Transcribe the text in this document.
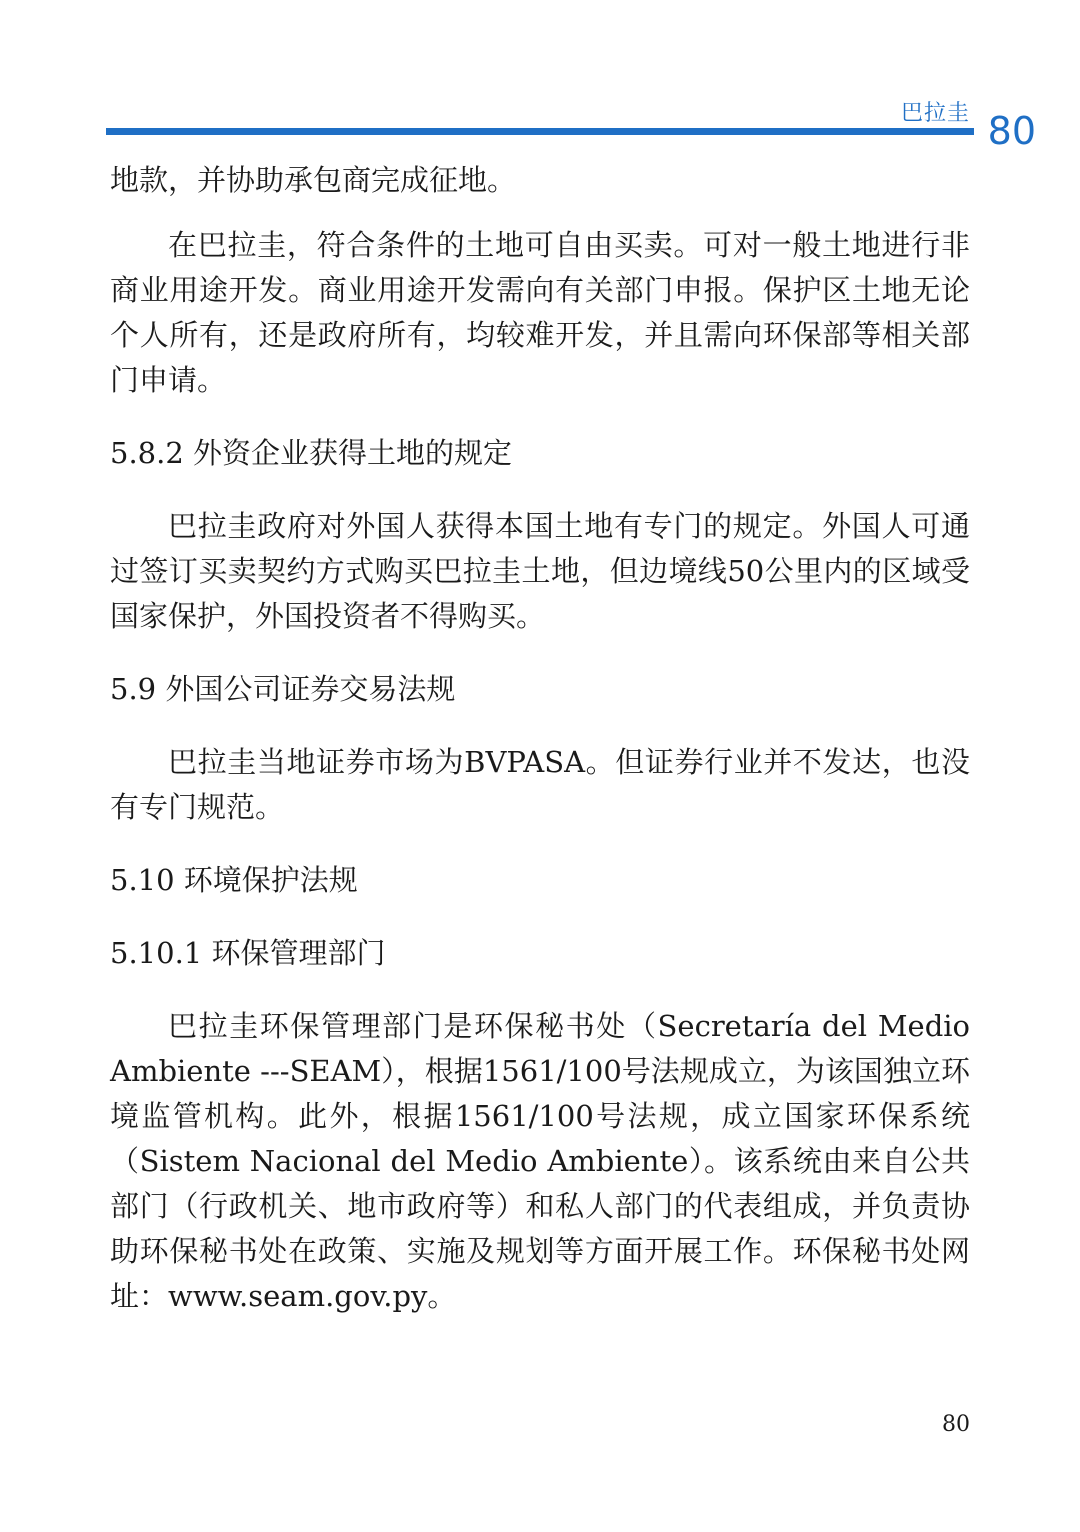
巴拉圭 80

地款，并协助承包商完成征地。

在巴拉圭，符合条件的土地可自由买卖。可对一般土地进行非商业用途开发。商业用途开发需向有关部门申报。保护区土地无论个人所有，还是政府所有，均较难开发，并且需向环保部等相关部门申请。

5.8.2 外资企业获得土地的规定

巴拉圭政府对外国人获得本国土地有专门的规定。外国人可通过签订买卖契约方式购买巴拉圭土地，但边境线50公里内的区域受国家保护，外国投资者不得购买。

5.9 外国公司证券交易法规

巴拉圭当地证券市场为BVPASA。但证券行业并不发达，也没有专门规范。

5.10 环境保护法规
5.10.1 环保管理部门

巴拉圭环保管理部门是环保秘书处（Secretaría del Medio Ambiente ---SEAM），根据1561/100号法规成立，为该国独立环境监管机构。此外，根据1561/100号法规，成立国家环保系统（Sistem Nacional del Medio Ambiente）。该系统由来自公共部门（行政机关、地市政府等）和私人部门的代表组成，并负责协助环保秘书处在政策、实施及规划等方面开展工作。环保秘书处网址：www.seam.gov.py。

80
